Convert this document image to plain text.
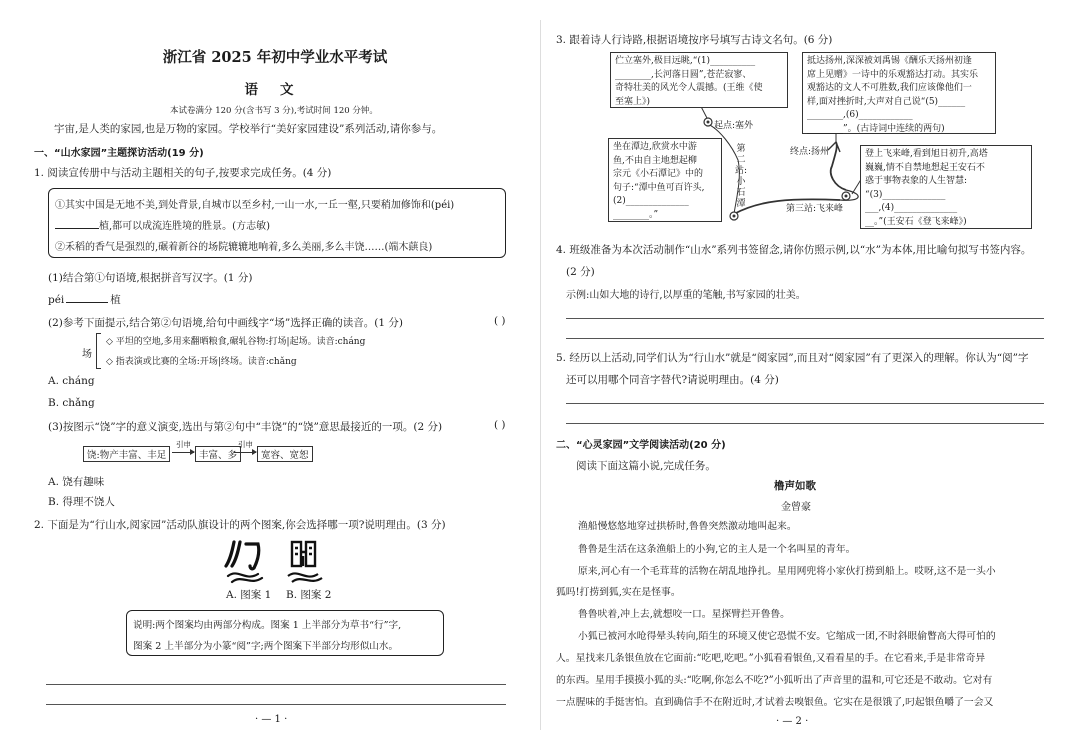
浙江省 2025 年初中学业水平考试
语文
本试卷满分 120 分(含书写 3 分),考试时间 120 分钟。
宇宙,是人类的家园,也是万物的家园。学校举行“美好家园建设”系列活动,请你参与。
一、“山水家园”主题探访活动(19 分)
1. 阅读宣传册中与活动主题相关的句子,按要求完成任务。(4 分)
①其实中国是无地不美,到处背景,自城市以至乡村,一山一水,一丘一壑,只要稍加修饰和(péi)
植,都可以成流连胜境的胜景。(方志敏)
②禾稻的香气是强烈的,碾着新谷的场院辘辘地响着,多么美丽,多么丰饶……(端木蕻良)
(1)结合第①句语境,根据拼音写汉字。(1 分)
péi	植
(2)参考下面提示,结合第②句语境,给句中画线字“场”选择正确的读音。(1 分)	( )
场
◇ 平坦的空地,多用来翻晒粮食,碾轧谷物:打场|起场。读音:cháng
◇ 指表演或比赛的全场:开场|终场。读音:chǎng
A. cháng
B. chǎng
(3)按图示“饶”字的意义演变,选出与第②句中“丰饶”的“饶”意思最接近的一项。(2 分)	( )
饶:物产丰富、丰足
引申
丰富、多
引申
宽容、宽恕
A. 饶有趣味
B. 得理不饶人
2. 下面是为“行山水,阅家园”活动队旗设计的两个图案,你会选择哪一项?说明理由。(3 分)
A. 图案 1 B. 图案 2
说明:两个图案均由两部分构成。图案 1 上半部分为草书“行”字,
图案 2 上半部分为小篆“阅”字;两个图案下半部分均形似山水。
· — 1 ·
3. 跟着诗人行诗路,根据语境按序号填写古诗文名句。(6 分)
伫立塞外,极目远眺,“(1)__________
________,长河落日圆”,苍茫寂寥、
奇特壮美的风光令人震撼。(王维《使
至塞上》)
抵达扬州,深深被刘禹锡《酬乐天扬州初逢
席上见赠》一诗中的乐观豁达打动。其实乐
观豁达的文人不可胜数,我们应该像他们一
样,面对挫折时,大声对自己说“(5)______
________,(6)____________
________”。(古诗词中连续的两句)
坐在潭边,欣赏水中游
鱼,不由自主地想起柳
宗元《小石潭记》中的
句子:“潭中鱼可百许头,
(2)______________
________。”
登上飞来峰,看到旭日初升,高塔
巍巍,情不自禁地想起王安石不
惑于事物表象的人生智慧:
“(3)______________
___,(4)______________
__。”(王安石《登飞来峰》)
起点:塞外
第二站:小石潭	第三站:飞来峰
终点:扬州
4. 班级准备为本次活动制作“山水”系列书签留念,请你仿照示例,以“水”为本体,用比喻句拟写书签内容。
(2 分)
示例:山如大地的诗行,以厚重的笔触,书写家园的壮美。
5. 经历以上活动,同学们认为“行山水”就是“阅家园”,而且对“阅家园”有了更深入的理解。你认为“阅”字
还可以用哪个同音字替代?请说明理由。(4 分)
二、“心灵家园”文学阅读活动(20 分)
阅读下面这篇小说,完成任务。
橹声如歌
金曾豪
渔船慢悠悠地穿过拱桥时,鲁鲁突然激动地叫起来。
鲁鲁是生活在这条渔船上的小狗,它的主人是一个名叫星的青年。
原来,河心有一个毛茸茸的活物在胡乱地挣扎。星用网兜将小家伙打捞到船上。哎呀,这不是一头小
狐吗!打捞到狐,实在是怪事。
鲁鲁吠着,冲上去,就想咬一口。星探臂拦开鲁鲁。
小狐已被河水呛得晕头转向,陌生的环境又使它恐慌不安。它缩成一团,不时斜眼偷瞥高大得可怕的
人。星找来几条银鱼放在它面前:“吃吧,吃吧。”小狐看看银鱼,又看看星的手。在它看来,手是非常奇异
的东西。星用手摸摸小狐的头:“吃啊,你怎么不吃?”小狐听出了声音里的温和,可它还是不敢动。它对有
一点腥味的手挺害怕。直到确信手不在附近时,才试着去嗅银鱼。它实在是很饿了,叼起银鱼嚼了一会又
· — 2 ·
